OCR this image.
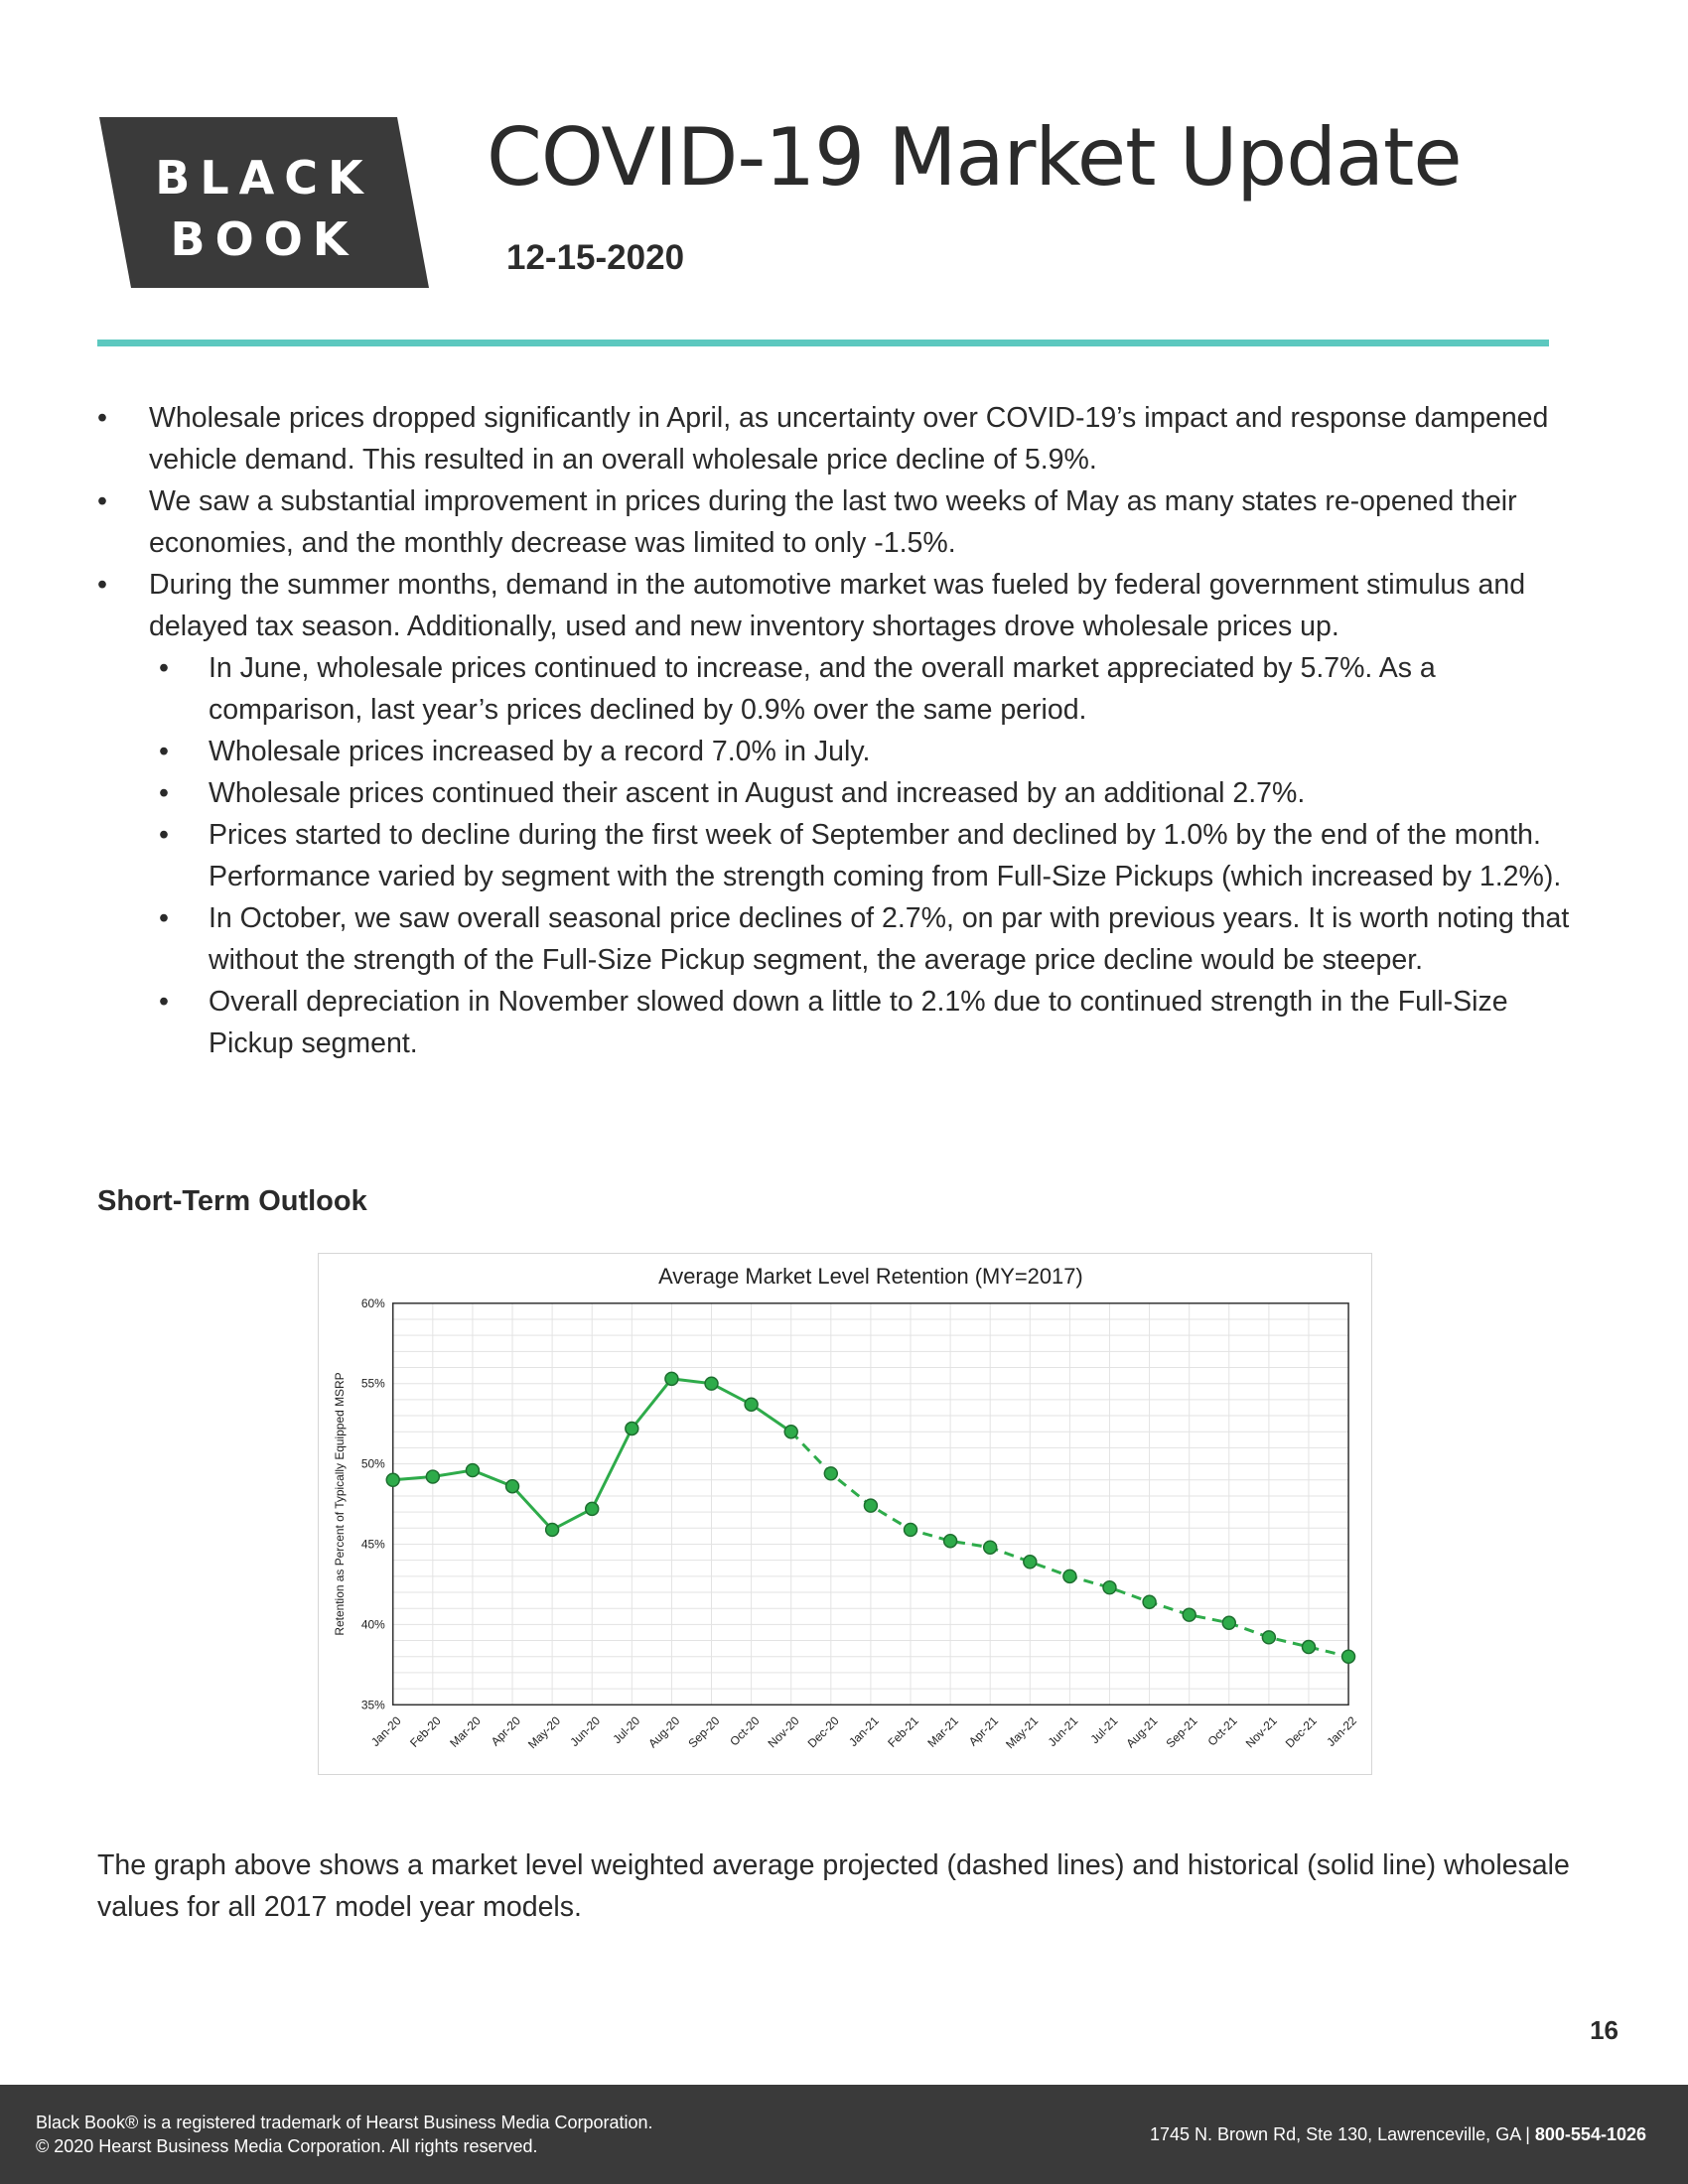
BLACK
BOOK
COVID-19 Market Update
12-15-2020
• Wholesale prices dropped significantly in April, as uncertainty over COVID-19’s impact and response dampened vehicle demand. This resulted in an overall wholesale price decline of 5.9%.
• We saw a substantial improvement in prices during the last two weeks of May as many states re-opened their economies, and the monthly decrease was limited to only -1.5%.
• During the summer months, demand in the automotive market was fueled by federal government stimulus and delayed tax season. Additionally, used and new inventory shortages drove wholesale prices up.
• In June, wholesale prices continued to increase, and the overall market appreciated by 5.7%. As a comparison, last year’s prices declined by 0.9% over the same period.
• Wholesale prices increased by a record 7.0% in July.
• Wholesale prices continued their ascent in August and increased by an additional 2.7%.
• Prices started to decline during the first week of September and declined by 1.0% by the end of the month. Performance varied by segment with the strength coming from Full-Size Pickups (which increased by 1.2%).
• In October, we saw overall seasonal price declines of 2.7%, on par with previous years. It is worth noting that without the strength of the Full-Size Pickup segment, the average price decline would be steeper.
• Overall depreciation in November slowed down a little to 2.1% due to continued strength in the Full-Size Pickup segment.
Short-Term Outlook
Average Market Level Retention (MY=2017)
Retention as Percent of Typically Equipped MSRP
35%
40%
45%
50%
55%
60%
Jan-20 Feb-20 Mar-20 Apr-20 May-20 Jun-20 Jul-20 Aug-20 Sep-20 Oct-20 Nov-20 Dec-20 Jan-21 Feb-21 Mar-21 Apr-21 May-21 Jun-21 Jul-21 Aug-21 Sep-21 Oct-21 Nov-21 Dec-21 Jan-22
The graph above shows a market level weighted average projected (dashed lines) and historical (solid line) wholesale values for all 2017 model year models.
16
Black Book® is a registered trademark of Hearst Business Media Corporation.
© 2020 Hearst Business Media Corporation. All rights reserved.
1745 N. Brown Rd, Ste 130, Lawrenceville, GA | 800-554-1026
